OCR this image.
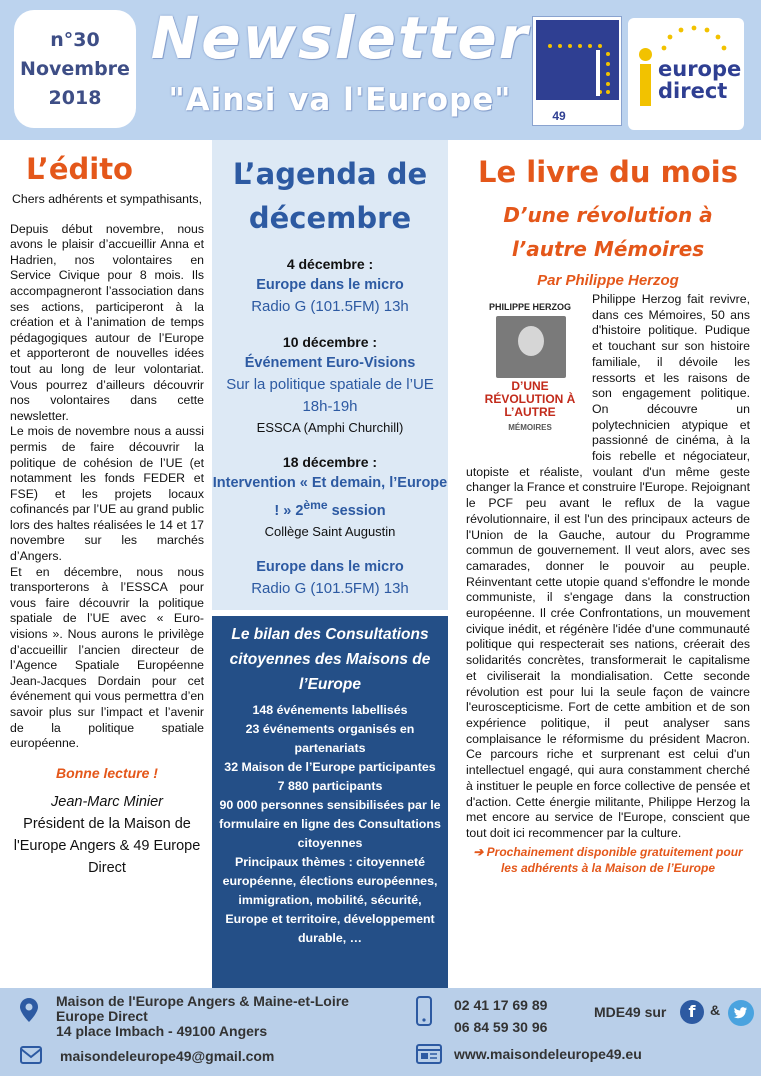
n°30
Novembre
2018
Newsletter
"Ainsi va l'Europe"	49
europe
direct
L’édito
Chers adhérents et sympathisants,

Depuis début novembre, nous avons le plaisir d’accueillir Anna et Hadrien, nos volontaires en Service Civique pour 8 mois. Ils accompagneront l’association dans ses actions, participeront à la création et à l’animation de temps pédagogiques autour de l’Europe et apporteront de nouvelles idées tout au long de leur volontariat. Vous pourrez d’ailleurs découvrir nos volontaires dans cette newsletter.

Le mois de novembre nous a aussi permis de faire découvrir la politique de cohésion de l’UE (et notamment les fonds FEDER et FSE) et les projets locaux cofinancés par l’UE au grand public lors des haltes réalisées le 14 et 17 novembre sur les marchés d’Angers.

Et en décembre, nous nous transporterons à l’ESSCA pour vous faire découvrir la politique spatiale de l’UE avec « Euro-visions ». Nous aurons le privilège d’accueillir l’ancien directeur de l’Agence Spatiale Européenne Jean-Jacques Dordain pour cet événement qui vous permettra d’en savoir plus sur l’impact et l’avenir de la politique spatiale européenne.

Bonne lecture !
Jean-Marc Minier
Président de la Maison de l'Europe Angers & 49 Europe Direct
L’agenda de décembre
4 décembre :
Europe dans le micro
Radio G (101.5FM) 13h
10 décembre :
Événement Euro-Visions
Sur la politique spatiale de l’UE 18h-19h
ESSCA (Amphi Churchill)
18 décembre :
Intervention « Et demain, l’Europe ! » 2ème session
Collège Saint Augustin
Europe dans le micro
Radio G (101.5FM) 13h
Le bilan des Consultations citoyennes des Maisons de l’Europe
148 événements labellisés
23 événements organisés en partenariats
32 Maison de l’Europe participantes
7 880 participants
90 000 personnes sensibilisées par le formulaire en ligne des Consultations citoyennes
Principaux thèmes : citoyenneté européenne, élections européennes, immigration, mobilité, sécurité, Europe et territoire, développement durable, …
Le livre du mois
D’une révolution à l’autre Mémoires
Par Philippe Herzog
PHILIPPE HERZOG
D’UNE RÉVOLUTION À L’AUTRE
MÉMOIRES

Philippe Herzog fait revivre, dans ces Mémoires, 50 ans d'histoire politique. Pudique et touchant sur son histoire familiale, il dévoile les ressorts et les raisons de son engagement politique. On découvre un polytechnicien atypique et passionné de cinéma, à la fois rebelle et négociateur, utopiste et réaliste, voulant d'un même geste changer la France et construire l'Europe. Rejoignant le PCF peu avant le reflux de la vague révolutionnaire, il est l'un des principaux acteurs de l'Union de la Gauche, autour du Programme commun de gouvernement. Il veut alors, avec ses camarades, donner le pouvoir au peuple. Réinventant cette utopie quand s'effondre le monde communiste, il s'engage dans la construction européenne. Il crée Confrontations, un mouvement civique inédit, et régénère l'idée d'une communauté politique qui respecterait ses nations, créerait des solidarités concrètes, transformerait le capitalisme et civiliserait la mondialisation. Cette seconde révolution est pour lui la seule façon de vaincre l'euroscepticisme. Fort de cette ambition et de son expérience politique, il peut analyser sans complaisance le réformisme du président Macron. Ce parcours riche et surprenant est celui d'un intellectuel engagé, qui aura constamment cherché à instituer le peuple en force collective de pensée et d'action. Cette énergie militante, Philippe Herzog la met encore au service de l'Europe, conscient que tout doit ici recommencer par la culture.

➔ Prochainement disponible gratuitement pour les adhérents à la Maison de l’Europe
Maison de l'Europe Angers & Maine-et-Loire
Europe Direct
14 place Imbach - 49100 Angers
maisondeleurope49@gmail.com
02 41 17 69 89
06 84 59 30 96
MDE49 sur	f	&
www.maisondeleurope49.eu
